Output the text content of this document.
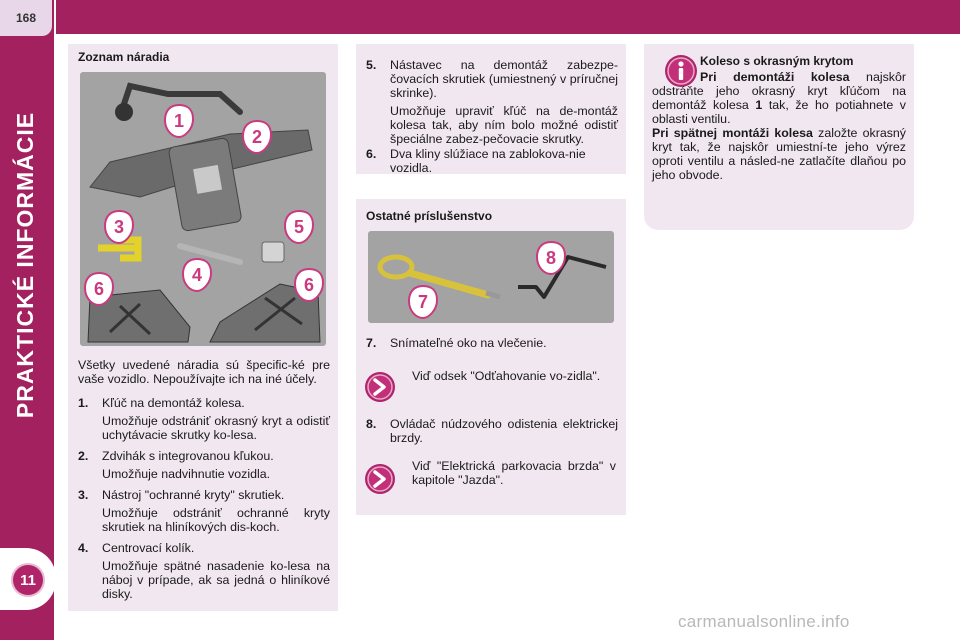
168
PRAKTICKÉ INFORMÁCIE
11
Zoznam náradia
1
2
3
4
5
6	6
Všetky uvedené náradia sú špecific-ké pre vaše vozidlo. Nepoužívajte ich na iné účely.
1. Kľúč na demontáž kolesa.
Umožňuje odstrániť okrasný kryt a odistiť uchytávacie skrutky ko-lesa.
2. Zdvihák s integrovanou kľukou.
Umožňuje nadvihnutie vozidla.
3. Nástroj "ochranné kryty" skrutiek.
Umožňuje odstrániť ochranné kryty skrutiek na hliníkových dis-koch.
4. Centrovací kolík.
Umožňuje spätné nasadenie ko-lesa na náboj v prípade, ak sa jedná o hliníkové disky.
5. Nástavec na demontáž zabezpe-čovacích skrutiek (umiestnený v príručnej skrinke).
Umožňuje upraviť kľúč na de-montáž kolesa tak, aby ním bolo možné odistiť špeciálne zabez-pečovacie skrutky.
6. Dva kliny slúžiace na zablokova-nie vozidla.
Ostatné príslušenstvo
8
7
7. Snímateľné oko na vlečenie.
Viď odsek "Odťahovanie vo-zidla".
8. Ovládač núdzového odistenia elektrickej brzdy.
Viď "Elektrická parkovacia brzda" v kapitole "Jazda".
Koleso s okrasným krytom
Pri demontáži kolesa najskôr odstráňte jeho okrasný kryt kľúčom na demontáž kolesa 1 tak, že ho potiahnete v oblasti ventilu.
Pri spätnej montáži kolesa založte okrasný kryt tak, že najskôr umiestní-te jeho výrez oproti ventilu a násled-ne zatlačíte dlaňou po jeho obvode.
carmanualsonline.info
